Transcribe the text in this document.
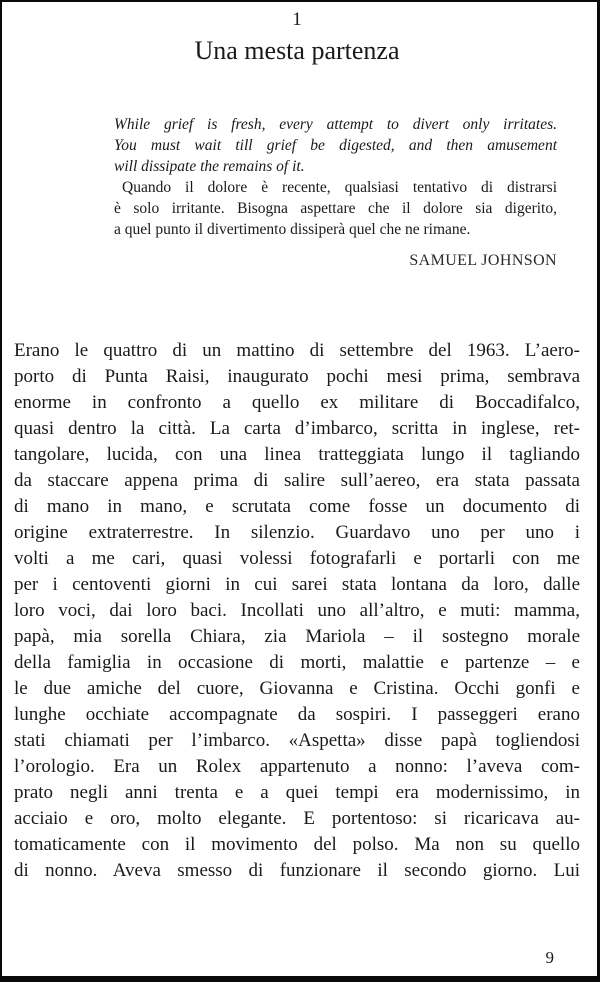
1
Una mesta partenza
While grief is fresh, every attempt to divert only irritates.
You must wait till grief be digested, and then amusement
will dissipate the remains of it.
Quando il dolore è recente, qualsiasi tentativo di distrarsi
è solo irritante. Bisogna aspettare che il dolore sia digerito,
a quel punto il divertimento dissiperà quel che ne rimane.
SAMUEL JOHNSON
Erano le quattro di un mattino di settembre del 1963. L’aero-
porto di Punta Raisi, inaugurato pochi mesi prima, sembrava
enorme in confronto a quello ex militare di Boccadifalco,
quasi dentro la città. La carta d’imbarco, scritta in inglese, ret-
tangolare, lucida, con una linea tratteggiata lungo il tagliando
da staccare appena prima di salire sull’aereo, era stata passata
di mano in mano, e scrutata come fosse un documento di
origine extraterrestre. In silenzio. Guardavo uno per uno i
volti a me cari, quasi volessi fotografarli e portarli con me
per i centoventi giorni in cui sarei stata lontana da loro, dalle
loro voci, dai loro baci. Incollati uno all’altro, e muti: mamma,
papà, mia sorella Chiara, zia Mariola – il sostegno morale
della famiglia in occasione di morti, malattie e partenze – e
le due amiche del cuore, Giovanna e Cristina. Occhi gonfi e
lunghe occhiate accompagnate da sospiri. I passeggeri erano
stati chiamati per l’imbarco. «Aspetta» disse papà togliendosi
l’orologio. Era un Rolex appartenuto a nonno: l’aveva com-
prato negli anni trenta e a quei tempi era modernissimo, in
acciaio e oro, molto elegante. E portentoso: si ricaricava au-
tomaticamente con il movimento del polso. Ma non su quello
di nonno. Aveva smesso di funzionare il secondo giorno. Lui
9
